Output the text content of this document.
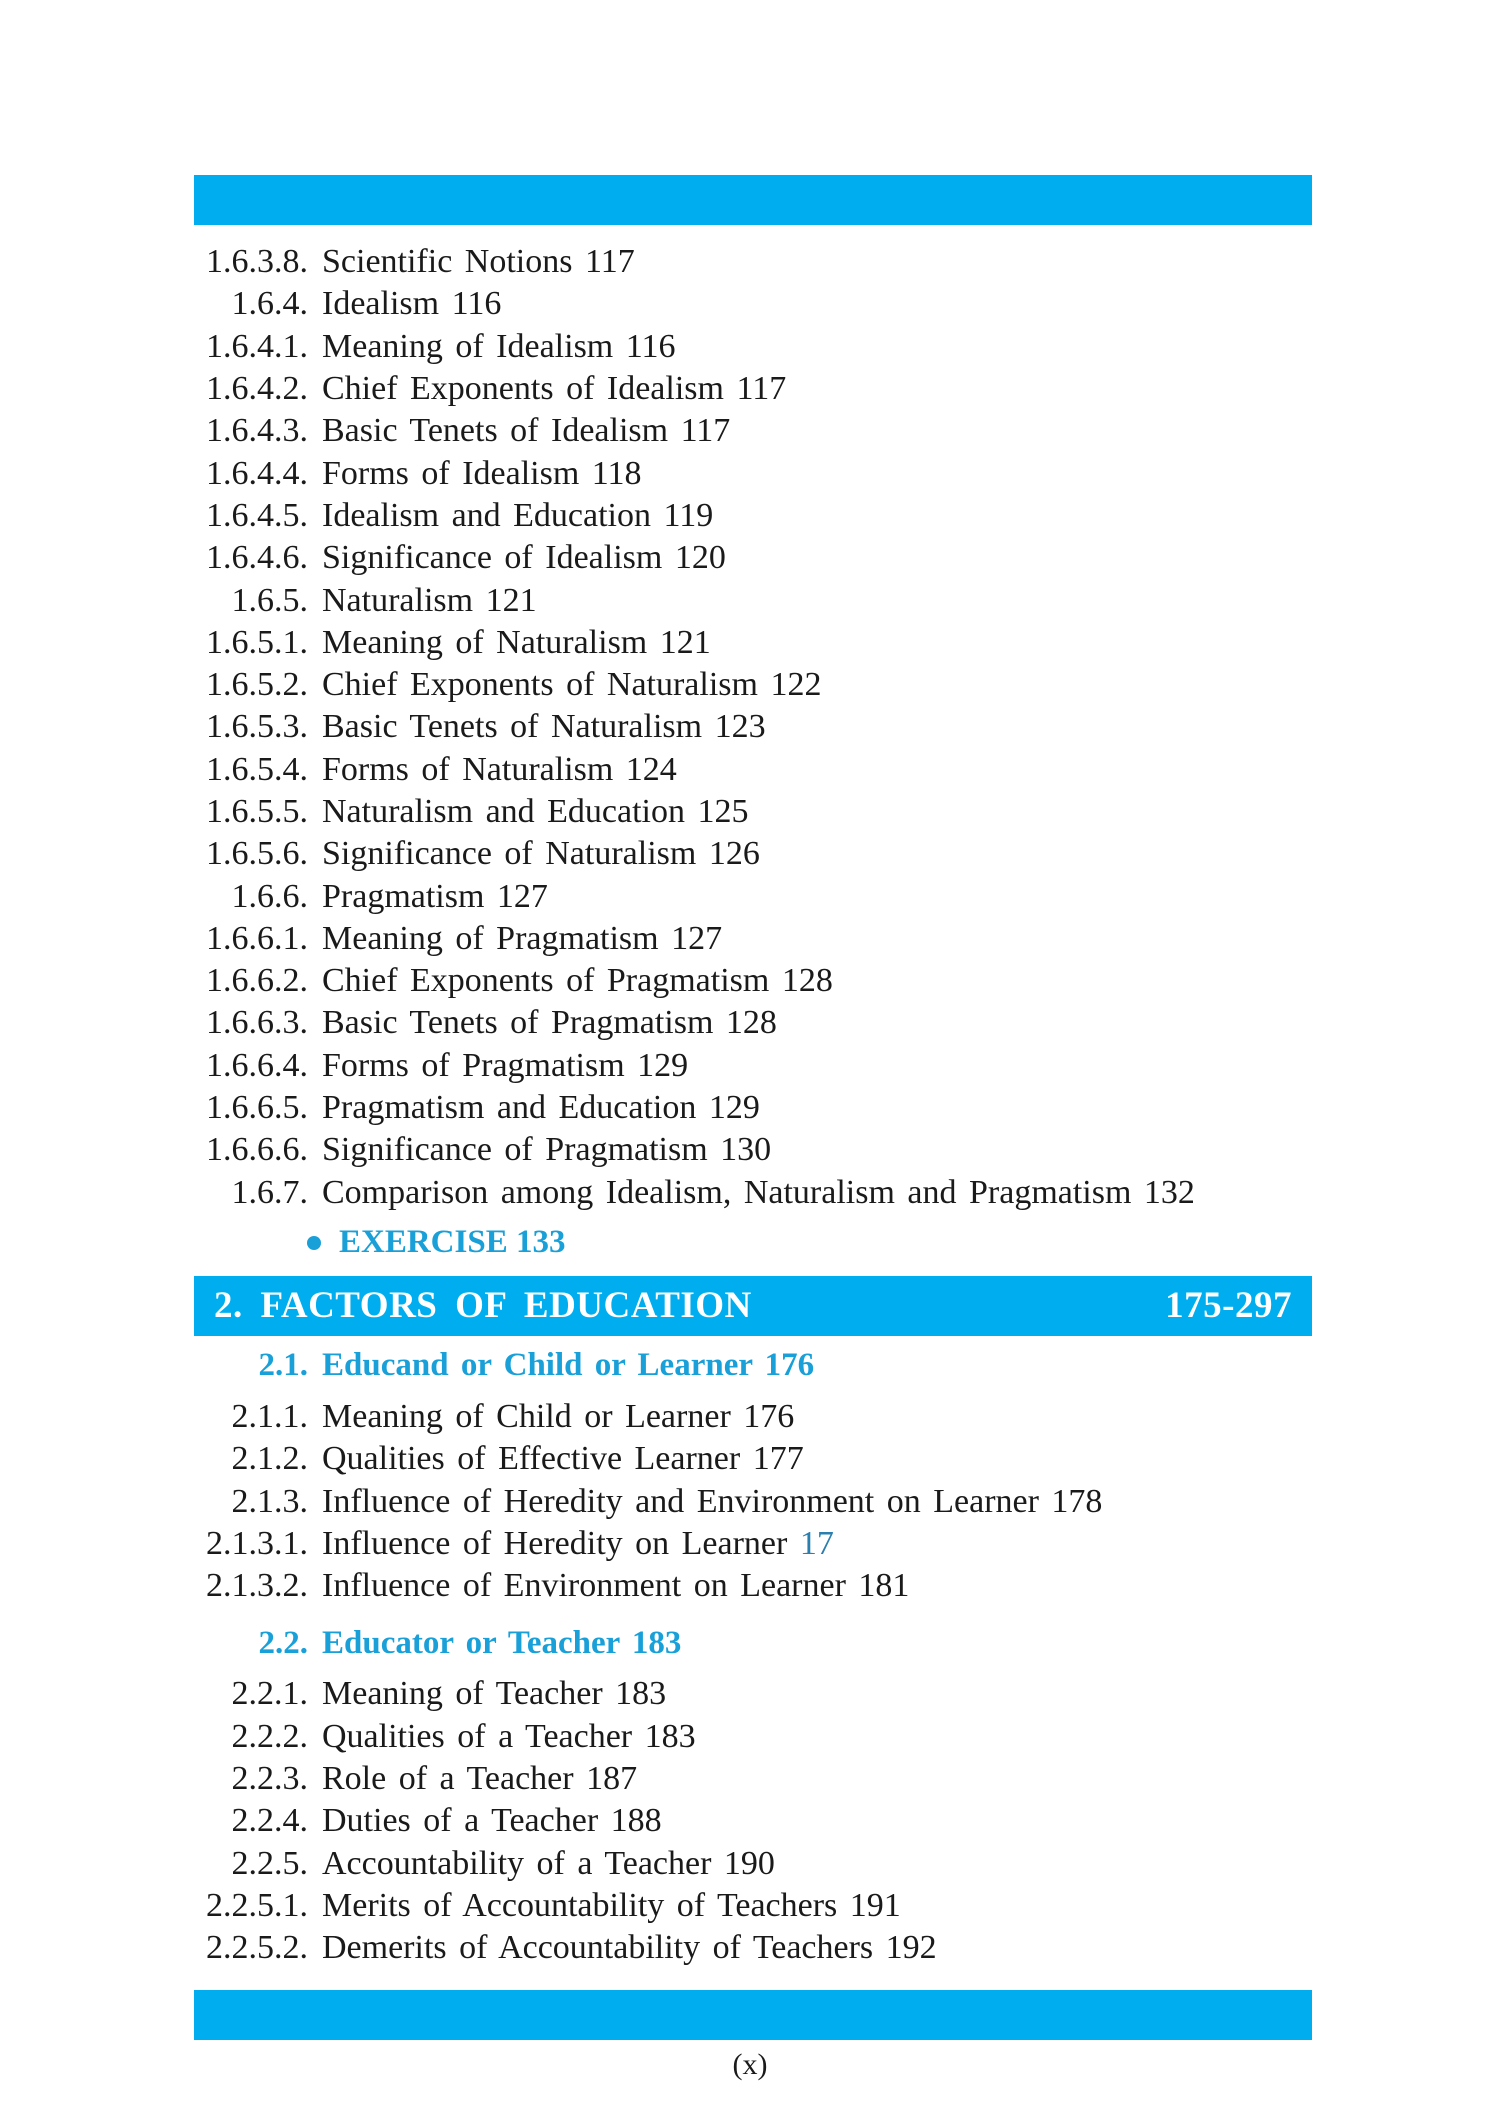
1.6.3.8. Scientific Notions 117
1.6.4. Idealism 116
1.6.4.1. Meaning of Idealism 116
1.6.4.2. Chief Exponents of Idealism 117
1.6.4.3. Basic Tenets of Idealism 117
1.6.4.4. Forms of Idealism 118
1.6.4.5. Idealism and Education 119
1.6.4.6. Significance of Idealism 120
1.6.5. Naturalism 121
1.6.5.1. Meaning of Naturalism 121
1.6.5.2. Chief Exponents of Naturalism 122
1.6.5.3. Basic Tenets of Naturalism 123
1.6.5.4. Forms of Naturalism 124
1.6.5.5. Naturalism and Education 125
1.6.5.6. Significance of Naturalism 126
1.6.6. Pragmatism 127
1.6.6.1. Meaning of Pragmatism 127
1.6.6.2. Chief Exponents of Pragmatism 128
1.6.6.3. Basic Tenets of Pragmatism 128
1.6.6.4. Forms of Pragmatism 129
1.6.6.5. Pragmatism and Education 129
1.6.6.6. Significance of Pragmatism 130
1.6.7. Comparison among Idealism, Naturalism and Pragmatism 132
EXERCISE 133
2. FACTORS OF EDUCATION	175-297
2.1. Educand or Child or Learner 176
2.1.1. Meaning of Child or Learner 176
2.1.2. Qualities of Effective Learner 177
2.1.3. Influence of Heredity and Environment on Learner 178
2.1.3.1. Influence of Heredity on Learner 17
2.1.3.2. Influence of Environment on Learner 181
2.2. Educator or Teacher 183
2.2.1. Meaning of Teacher 183
2.2.2. Qualities of a Teacher 183
2.2.3. Role of a Teacher 187
2.2.4. Duties of a Teacher 188
2.2.5. Accountability of a Teacher 190
2.2.5.1. Merits of Accountability of Teachers 191
2.2.5.2. Demerits of Accountability of Teachers 192
(x)
